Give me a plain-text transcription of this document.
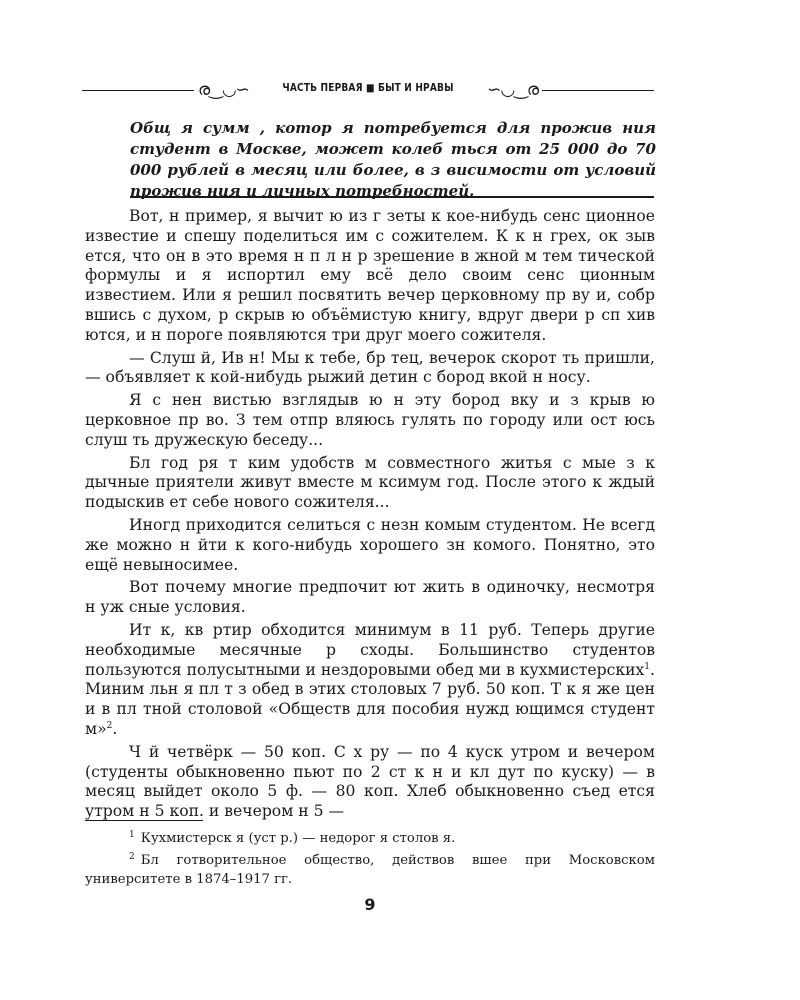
ര‿◡∽	ЧАСТЬ ПЕРВАЯ ■ БЫТ И НРАВЫ	∽◡‿ര
Общ я сумм , котор я потребуется для прожив ния студент в Москве, может колеб ться от 25 000 до 70 000 рублей в месяц или более, в з висимости от условий прожив ния и личных потребностей.

Вот, н пример, я вычит ю из г зеты к кое-нибудь сенс ционное известие и спешу поделиться им с сожителем. К к н грех, ок зыв ется, что он в это время н п л н р зрешение в жной м тем тической формулы и я испортил ему всё дело своим сенс ционным известием. Или я решил посвятить вечер церковному пр ву и, собр вшись с духом, р скрыв ю объёмистую книгу, вдруг двери р сп хив ются, и н пороге появляются три друг моего сожителя.

— Слуш й, Ив н! Мы к тебе, бр тец, вечерок скорот ть пришли, — объявляет к кой-нибудь рыжий детин с бород вкой н носу.

Я с нен вистью взглядыв ю н эту бород вку и з крыв ю церковное пр во. З тем отпр вляюсь гулять по городу или ост юсь слуш ть дружескую беседу...

Бл год ря т ким удобств м совместного житья с мые з к дычные приятели живут вместе м ксимум год. После этого к ждый подыскив ет себе нового сожителя...

Иногд приходится селиться с незн комым студентом. Не всегд же можно н йти к кого-нибудь хорошего зн комого. Понятно, это ещё невыносимее.

Вот почему многие предпочит ют жить в одиночку, несмотря н уж сные условия.

Ит к, кв ртир обходится минимум в 11 руб. Теперь другие необходимые месячные р сходы. Большинство студентов пользуются полусытными и нездоровыми обед ми в кухмистерских$^1$. Миним льн я пл т з обед в этих столовых 7 руб. 50 коп. Т к я же цен и в пл тной столовой «Обществ для пособия нужд ющимся студент м»$^2$.

Ч й четвёрк — 50 коп. С х ру — по 4 куск утром и вечером (студенты обыкновенно пьют по 2 ст к н и кл дут по куску) — в месяц выйдет около 5 ф. — 80 коп. Хлеб обыкновенно съед ется утром н 5 коп. и вечером н 5 —

$^1$ Кухмистерск я (уст р.) — недорог я столов я.

$^2$ Бл готворительное общество, действов вшее при Московском университете в 1874–1917 гг.

9
